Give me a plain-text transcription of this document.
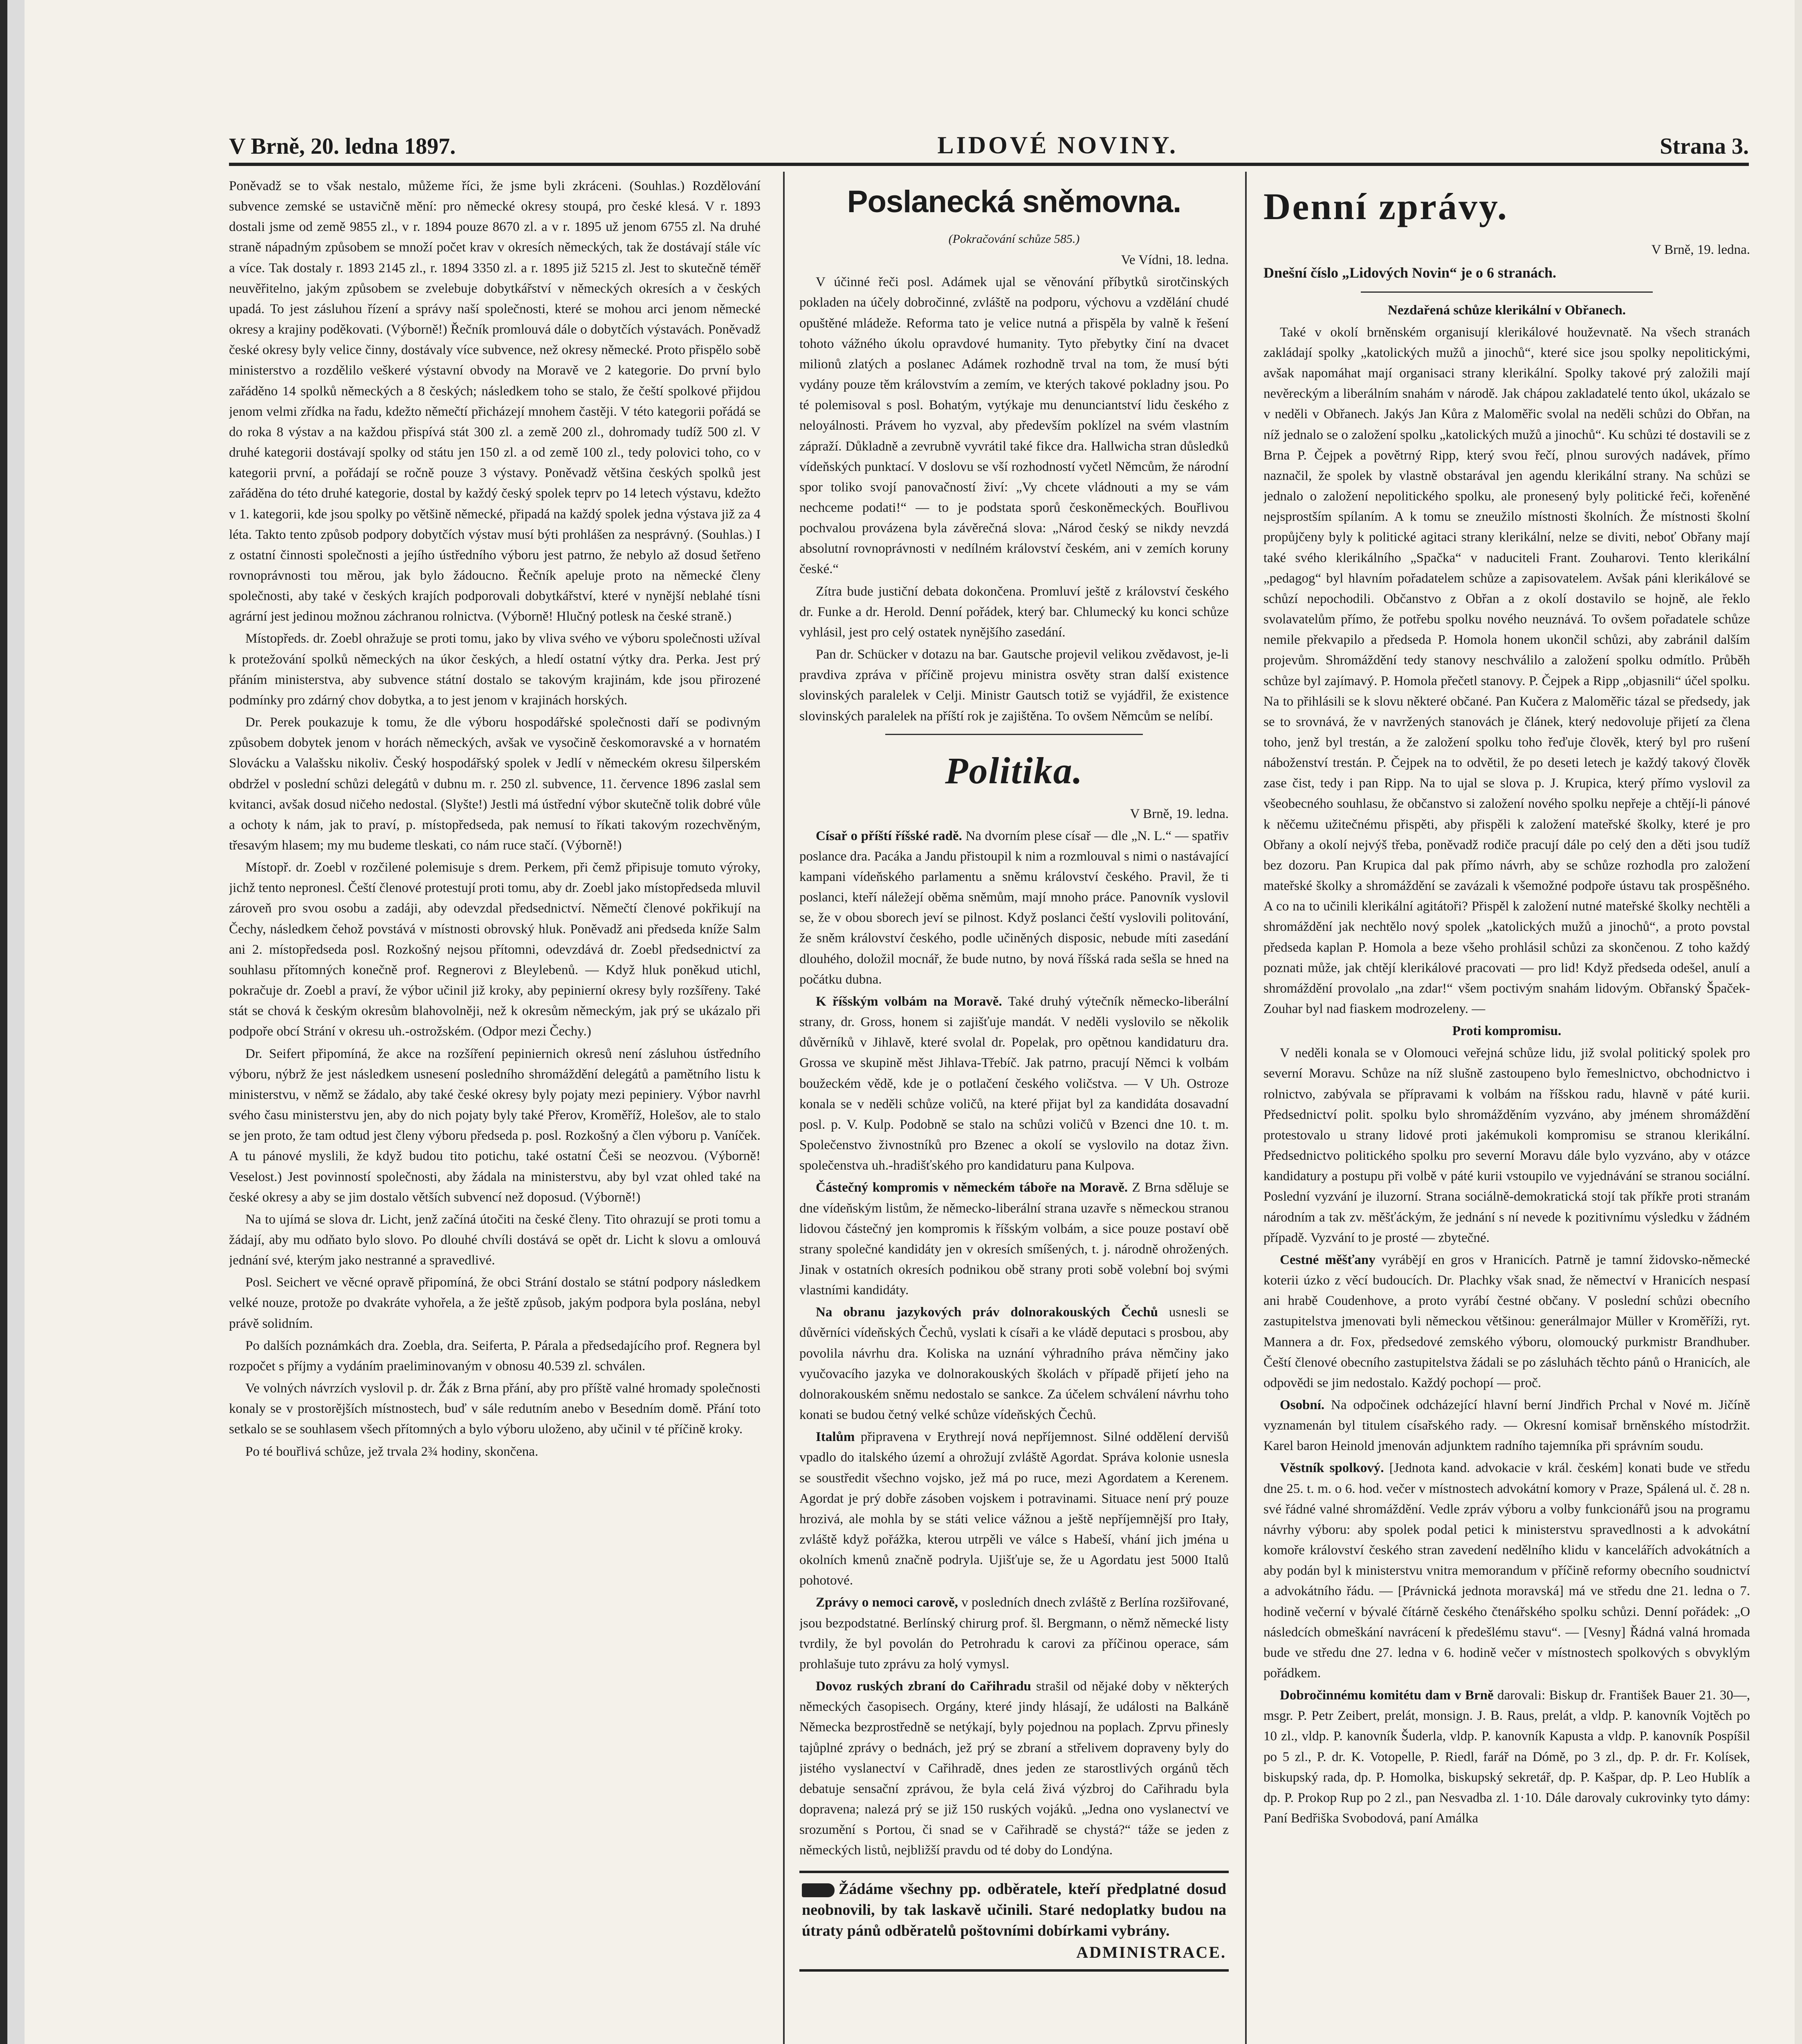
V Brně, 20. ledna 1897.	LIDOVÉ NOVINY.	Strana 3.

Poněvadž se to však nestalo, můžeme říci, že jsme byli zkráceni. (Souhlas.) Rozdělování subvence zemské se ustavičně mění: pro německé okresy stoupá, pro české klesá. V r. 1893 dostali jsme od země 9855 zl., v r. 1894 pouze 8670 zl. a v r. 1895 už jenom 6755 zl. Na druhé straně nápadným způsobem se množí počet krav v okresích německých, tak že dostávají stále víc a více. Tak dostaly r. 1893 2145 zl., r. 1894 3350 zl. a r. 1895 již 5215 zl. Jest to skutečně téměř neuvěřitelno, jakým způsobem se zvelebuje dobytkářství v německých okresích a v českých upadá. To jest zásluhou řízení a správy naší společnosti, které se mohou arci jenom německé okresy a krajiny poděkovati. (Výborně!) Řečník promlouvá dále o dobytčích výstavách. Poněvadž české okresy byly velice činny, dostávaly více subvence, než okresy německé. Proto přispělo sobě ministerstvo a rozdělilo veškeré výstavní obvody na Moravě ve 2 kategorie. Do první bylo zařáděno 14 spolků německých a 8 českých; následkem toho se stalo, že čeští spolkové přijdou jenom velmi zřídka na řadu, kdežto němečtí přicházejí mnohem častěji. V této kategorii pořádá se do roka 8 výstav a na každou přispívá stát 300 zl. a země 200 zl., dohromady tudíž 500 zl. V druhé kategorii dostávají spolky od státu jen 150 zl. a od země 100 zl., tedy polovici toho, co v kategorii první, a pořádají se ročně pouze 3 výstavy. Poněvadž většina českých spolků jest zařáděna do této druhé kategorie, dostal by každý český spolek teprv po 14 letech výstavu, kdežto v 1. kategorii, kde jsou spolky po většině německé, připadá na každý spolek jedna výstava již za 4 léta. Takto tento způsob podpory dobytčích výstav musí býti prohlášen za nesprávný. (Souhlas.) I z ostatní činnosti společnosti a jejího ústředního výboru jest patrno, že nebylo až dosud šetřeno rovnoprávnosti tou měrou, jak bylo žádoucno. Řečník apeluje proto na německé členy společnosti, aby také v českých krajích podporovali dobytkářství, které v nynější neblahé tísni agrární jest jedinou možnou záchranou rolnictva. (Výborně! Hlučný potlesk na české straně.)

Místopředs. dr. Zoebl ohražuje se proti tomu, jako by vliva svého ve výboru společnosti užíval k protežování spolků německých na úkor českých, a hledí ostatní výtky dra. Perka. Jest prý přáním ministerstva, aby subvence státní dostalo se takovým krajinám, kde jsou přirozené podmínky pro zdárný chov dobytka, a to jest jenom v krajinách horských.

Dr. Perek poukazuje k tomu, že dle výboru hospodářské společnosti daří se podivným způsobem dobytek jenom v horách německých, avšak ve vysočině českomoravské a v hornatém Slovácku a Valašsku nikoliv. Český hospodářský spolek v Jedlí v německém okresu šilperském obdržel v poslední schůzi delegátů v dubnu m. r. 250 zl. subvence, 11. července 1896 zaslal sem kvitanci, avšak dosud ničeho nedostal. (Slyšte!) Jestli má ústřední výbor skutečně tolik dobré vůle a ochoty k nám, jak to praví, p. místopředseda, pak nemusí to říkati takovým rozechvěným, třesavým hlasem; my mu budeme tleskati, co nám ruce stačí. (Výborně!)

Místopř. dr. Zoebl v rozčilené polemisuje s drem. Perkem, při čemž připisuje tomuto výroky, jichž tento nepronesl. Čeští členové protestují proti tomu, aby dr. Zoebl jako místopředseda mluvil zároveň pro svou osobu a zadáji, aby odevzdal předsednictví. Němečtí členové pokřikují na Čechy, následkem čehož povstává v místnosti obrovský hluk. Poněvadž ani předseda kníže Salm ani 2. místopředseda posl. Rozkošný nejsou přítomni, odevzdává dr. Zoebl předsednictví za souhlasu přítomných konečně prof. Regnerovi z Bleylebenů. — Když hluk poněkud utichl, pokračuje dr. Zoebl a praví, že výbor učinil již kroky, aby pepinierní okresy byly rozšířeny. Také stát se chová k českým okresům blahovolněji, než k okresům německým, jak prý se ukázalo při podpoře obcí Strání v okresu uh.-ostrožském. (Odpor mezi Čechy.)

Dr. Seifert připomíná, že akce na rozšíření pepiniernich okresů není zásluhou ústředního výboru, nýbrž že jest následkem usnesení posledního shromáždění delegátů a pamětního listu k ministerstvu, v němž se žádalo, aby také české okresy byly pojaty mezi pepiniery. Výbor navrhl svého času ministerstvu jen, aby do nich pojaty byly také Přerov, Kroměříž, Holešov, ale to stalo se jen proto, že tam odtud jest členy výboru předseda p. posl. Rozkošný a člen výboru p. Vaníček. A tu pánové myslili, že když budou tito potichu, také ostatní Češi se neozvou. (Výborně! Veselost.) Jest povinností společnosti, aby žádala na ministerstvu, aby byl vzat ohled také na české okresy a aby se jim dostalo větších subvencí než doposud. (Výborně!)

Na to ujímá se slova dr. Licht, jenž začíná útočiti na české členy. Tito ohrazují se proti tomu a žádají, aby mu odňato bylo slovo. Po dlouhé chvíli dostává se opět dr. Licht k slovu a omlouvá jednání své, kterým jako nestranné a spravedlivé.

Posl. Seichert ve věcné opravě připomíná, že obci Strání dostalo se státní podpory následkem velké nouze, protože po dvakráte vyhořela, a že ještě způsob, jakým podpora byla poslána, nebyl právě solidním.

Po dalších poznámkách dra. Zoebla, dra. Seiferta, P. Párala a předsedajícího prof. Regnera byl rozpočet s příjmy a vydáním praeliminovaným v obnosu 40.539 zl. schválen.

Ve volných návrzích vyslovil p. dr. Žák z Brna přání, aby pro příště valné hromady společnosti konaly se v prostorějších místnostech, buď v sále redutním anebo v Besedním domě. Přání toto setkalo se se souhlasem všech přítomných a bylo výboru uloženo, aby učinil v té příčině kroky.

Po té bouřlivá schůze, jež trvala 2¾ hodiny, skončena.

Poslanecká sněmovna.

(Pokračování schůze 585.)

Ve Vídni, 18. ledna.

V účinné řeči posl. Adámek ujal se věnování příbytků sirotčinských pokladen na účely dobročinné, zvláště na podporu, výchovu a vzdělání chudé opuštěné mládeže. Reforma tato je velice nutná a přispěla by valně k řešení tohoto vážného úkolu opravdové humanity. Tyto přebytky činí na dvacet milionů zlatých a poslanec Adámek rozhodně trval na tom, že musí býti vydány pouze těm královstvím a zemím, ve kterých takové pokladny jsou. Po té polemisoval s posl. Bohatým, vytýkaje mu denunciantství lidu českého z neloyálnosti. Právem ho vyzval, aby především poklízel na svém vlastním zápraží. Důkladně a zevrubně vyvrátil také fikce dra. Hallwicha stran důsledků vídeňských punktací. V doslovu se vší rozhodností vyčetl Němcům, že národní spor toliko svojí panovačností živí: „Vy chcete vládnouti a my se vám nechceme podati!“ — to je podstata sporů českoněmeckých. Bouřlivou pochvalou provázena byla závěrečná slova: „Národ český se nikdy nevzdá absolutní rovnoprávnosti v nedílném království českém, ani v zemích koruny české.“

Zítra bude justiční debata dokončena. Promluví ještě z království českého dr. Funke a dr. Herold. Denní pořádek, který bar. Chlumecký ku konci schůze vyhlásil, jest pro celý ostatek nynějšího zasedání.

Pan dr. Schücker v dotazu na bar. Gautsche projevil velikou zvědavost, je-li pravdiva zpráva v příčině projevu ministra osvěty stran další existence slovinských paralelek v Celji. Ministr Gautsch totiž se vyjádřil, že existence slovinských paralelek na příští rok je zajištěna. To ovšem Němcům se nelíbí.

Politika.

V Brně, 19. ledna.

Císař o příští říšské radě. Na dvorním plese císař — dle „N. L.“ — spatřiv poslance dra. Pacáka a Jandu přistoupil k nim a rozmlouval s nimi o nastávající kampani vídeňského parlamentu a sněmu království českého. Pravil, že ti poslanci, kteří náležejí oběma sněmům, mají mnoho práce. Panovník vyslovil se, že v obou sborech jeví se pilnost. Když poslanci čeští vyslovili politování, že sněm království českého, podle učiněných disposic, nebude míti zasedání dlouhého, doložil mocnář, že bude nutno, by nová říšská rada sešla se hned na počátku dubna.

K říšským volbám na Moravě. Také druhý výtečník německo-liberální strany, dr. Gross, honem si zajišťuje mandát. V neděli vyslovilo se několik důvěrníků v Jihlavě, které svolal dr. Popelak, pro opětnou kandidaturu dra. Grossa ve skupině měst Jihlava-Třebíč. Jak patrno, pracují Němci k volbám boužeckém vědě, kde je o potlačení českého voličstva. — V Uh. Ostroze konala se v neděli schůze voličů, na které přijat byl za kandidáta dosavadní posl. p. V. Kulp. Podobně se stalo na schůzi voličů v Bzenci dne 10. t. m. Společenstvo živnostníků pro Bzenec a okolí se vyslovilo na dotaz živn. společenstva uh.-hradišťského pro kandidaturu pana Kulpova.

Částečný kompromis v německém táboře na Moravě. Z Brna sděluje se dne vídeňským listům, že německo-liberální strana uzavře s německou stranou lidovou částečný jen kompromis k říšským volbám, a sice pouze postaví obě strany společné kandidáty jen v okresích smíšených, t. j. národně ohrožených. Jinak v ostatních okresích podnikou obě strany proti sobě volební boj svými vlastními kandidáty.

Na obranu jazykových práv dolnorakouských Čechů usnesli se důvěrníci vídeňských Čechů, vyslati k císaři a ke vládě deputaci s prosbou, aby povolila návrhu dra. Koliska na uznání výhradního práva němčiny jako vyučovacího jazyka ve dolnorakouských školách v případě přijetí jeho na dolnorakouském sněmu nedostalo se sankce. Za účelem schválení návrhu toho konati se budou četný velké schůze vídeňských Čechů.

Italům připravena v Erythrejí nová nepříjemnost. Silné oddělení dervišů vpadlo do italského území a ohrožují zvláště Agordat. Správa kolonie usnesla se soustředit všechno vojsko, jež má po ruce, mezi Agordatem a Kerenem. Agordat je prý dobře zásoben vojskem i potravinami. Situace není prý pouze hrozivá, ale mohla by se státi velice vážnou a ještě nepříjemnější pro Itały, zvláště když pořážka, kterou utrpěli ve válce s Habeší, vhání jich jména u okolních kmenů značně podryla. Ujišťuje se, že u Agordatu jest 5000 Italů pohotové.

Zprávy o nemoci carově, v posledních dnech zvláště z Berlína rozšiřované, jsou bezpodstatné. Berlínský chirurg prof. šl. Bergmann, o němž německé listy tvrdily, že byl povolán do Petrohradu k carovi za příčinou operace, sám prohlašuje tuto zprávu za holý vymysl.

Dovoz ruských zbraní do Cařihradu strašil od nějaké doby v některých německých časopisech. Orgány, které jindy hlásají, že události na Balkáně Německa bezprostředně se netýkají, byly pojednou na poplach. Zprvu přinesly tajůplné zprávy o bednách, jež prý se zbraní a střelivem dopraveny byly do jistého vyslanectví v Cařihradě, dnes jeden ze starostlivých orgánů těch debatuje sensační zprávou, že byla celá živá výzbroj do Cařihradu byla dopravena; nalezá prý se již 150 ruských vojáků. „Jedna ono vyslanectví ve srozumění s Portou, či snad se v Cařihradě se chystá?“ táže se jeden z německých listů, nejbližší pravdu od té doby do Londýna.

Žádáme všechny pp. odběratele, kteří předplatné dosud neobnovili, by tak laskavě učinili. Staré nedoplatky budou na útraty pánů odběratelů poštovními dobírkami vybrány.
ADMINISTRACE.
Denní zprávy.

V Brně, 19. ledna.

Dnešní číslo „Lidových Novin“ je o 6 stranách.

Nezdařená schůze klerikální v Obřanech.

Také v okolí brněnském organisují klerikálové houževnatě. Na všech stranách zakládají spolky „katolických mužů a jinochů“, které sice jsou spolky nepolitickými, avšak napomáhat mají organisaci strany klerikální. Spolky takové prý založili mají nevěreckým a liberálním snahám v národě. Jak chápou zakladatelé tento úkol, ukázalo se v neděli v Obřanech. Jakýs Jan Kůra z Maloměřic svolal na neděli schůzi do Obřan, na níž jednalo se o založení spolku „katolických mužů a jinochů“. Ku schůzi té dostavili se z Brna P. Čejpek a povětrný Ripp, který svou řečí, plnou surových nadávek, přímo naznačil, že spolek by vlastně obstarával jen agendu klerikální strany. Na schůzi se jednalo o založení nepolitického spolku, ale pronesený byly politické řeči, kořeněné nejsprostším spílaním. A k tomu se zneužilo místnosti školních. Že místnosti školní propůjčeny byly k politické agitaci strany klerikální, nelze se diviti, neboť Obřany mají také svého klerikálního „Spačka“ v naduciteli Frant. Zouharovi. Tento klerikální „pedagog“ byl hlavním pořadatelem schůze a zapisovatelem. Avšak páni klerikálové se schůzí nepochodili. Občanstvo z Obřan a z okolí dostavilo se hojně, ale řeklo svolavatelům přímo, že potřebu spolku nového neuznává. To ovšem pořadatele schůze nemile překvapilo a předseda P. Homola honem ukončil schůzi, aby zabránil dalším projevům. Shromáždění tedy stanovy neschválilo a založení spolku odmítlo. Průběh schůze byl zajímavý. P. Homola přečetl stanovy. P. Čejpek a Ripp „objasnili“ účel spolku. Na to přihlásili se k slovu některé občané. Pan Kučera z Maloměřic tázal se předsedy, jak se to srovnává, že v navržených stanovách je článek, který nedovoluje přijetí za člena toho, jenž byl trestán, a že založení spolku toho řeďuje člověk, který byl pro rušení náboženství trestán. P. Čejpek na to odvětil, že po deseti letech je každý takový člověk zase čist, tedy i pan Ripp. Na to ujal se slova p. J. Krupica, který přímo vyslovil za všeobecného souhlasu, že občanstvo si založení nového spolku nepřeje a chtějí-li pánové k něčemu užitečnému přispěti, aby přispěli k založení mateřské školky, které je pro Obřany a okolí nejvýš třeba, poněvadž rodiče pracují dále po celý den a děti jsou tudíž bez dozoru. Pan Krupica dal pak přímo návrh, aby se schůze rozhodla pro založení mateřské školky a shromáždění se zavázali k všemožné podpoře ústavu tak prospěšného. A co na to učinili klerikální agitátoři? Přispěl k založení nutné mateřské školky nechtěli a shromáždění jak nechtělo nový spolek „katolických mužů a jinochů“, a proto povstal předseda kaplan P. Homola a beze všeho prohlásil schůzi za skončenou. Z toho každý poznati může, jak chtějí klerikálové pracovati — pro lid! Když předseda odešel, anulí a shromáždění provolalo „na zdar!“ všem poctivým snahám lidovým. Obřanský Špaček-Zouhar byl nad fiaskem modrozeleny. —

Proti kompromisu.

V neděli konala se v Olomouci veřejná schůze lidu, již svolal politický spolek pro severní Moravu. Schůze na níž slušně zastoupeno bylo řemeslnictvo, obchodnictvo i rolnictvo, zabývala se přípravami k volbám na říšskou radu, hlavně v páté kurii. Předsednictví polit. spolku bylo shromážděním vyzváno, aby jménem shromáždění protestovalo u strany lidové proti jakémukoli kompromisu se stranou klerikální. Předsednictvo politického spolku pro severní Moravu dále bylo vyzváno, aby v otázce kandidatury a postupu při volbě v páté kurii vstoupilo ve vyjednávání se stranou sociální. Poslední vyzvání je iluzorní. Strana sociálně-demokratická stojí tak příkře proti stranám národním a tak zv. měšťáckým, že jednání s ní nevede k pozitivnímu výsledku v žádném případě. Vyzvání to je prosté — zbytečné.

Cestné měšťany vyrábějí en gros v Hranicích. Patrně je tamní židovsko-německé koterii úzko z věcí budoucích. Dr. Plachky však snad, že němectví v Hranicích nespasí ani hrabě Coudenhove, a proto vyrábí čestné občany. V poslední schůzi obecního zastupitelstva jmenovati byli německou většinou: generálmajor Müller v Kroměříži, ryt. Mannera a dr. Fox, předsedové zemského výboru, olomoucký purkmistr Brandhuber. Čeští členové obecního zastupitelstva žádali se po zásluhách těchto pánů o Hranicích, ale odpovědi se jim nedostalo. Každý pochopí — proč.

Osobní. Na odpočinek odcházející hlavní berní Jindřich Prchal v Nové m. Jičíně vyznamenán byl titulem císařského rady. — Okresní komisař brněnského místodržit. Karel baron Heinold jmenován adjunktem radního tajemníka při správním soudu.

Věstník spolkový. [Jednota kand. advokacie v král. českém] konati bude ve středu dne 25. t. m. o 6. hod. večer v místnostech advokátní komory v Praze, Spálená ul. č. 28 n. své řádné valné shromáždění. Vedle zpráv výboru a volby funkcionářů jsou na programu návrhy výboru: aby spolek podal petici k ministerstvu spravedlnosti a k advokátní komoře království českého stran zavedení nedělního klidu v kancelářích advokátních a aby podán byl k ministerstvu vnitra memorandum v příčině reformy obecního soudnictví a advokátního řádu. — [Právnická jednota moravská] má ve středu dne 21. ledna o 7. hodině večerní v bývalé čítárně českého čtenářského spolku schůzi. Denní pořádek: „O následcích obmeškání navrácení k předešlému stavu“. — [Vesny] Řádná valná hromada bude ve středu dne 27. ledna v 6. hodině večer v místnostech spolkových s obvyklým pořádkem.

Dobročinnému komitétu dam v Brně darovali: Biskup dr. František Bauer 21. 30—, msgr. P. Petr Zeibert, prelát, monsign. J. B. Raus, prelát, a vldp. P. kanovník Vojtěch po 10 zl., vldp. P. kanovník Šuderla, vldp. P. kanovník Kapusta a vldp. P. kanovník Pospíšil po 5 zl., P. dr. K. Votopelle, P. Riedl, farář na Dómě, po 3 zl., dp. P. dr. Fr. Kolísek, biskupský rada, dp. P. Homolka, biskupský sekretář, dp. P. Kašpar, dp. P. Leo Hublík a dp. P. Prokop Rup po 2 zl., pan Nesvadba zl. 1·10. Dále darovaly cukrovinky tyto dámy: Paní Bedřiška Svobodová, paní Amálka
